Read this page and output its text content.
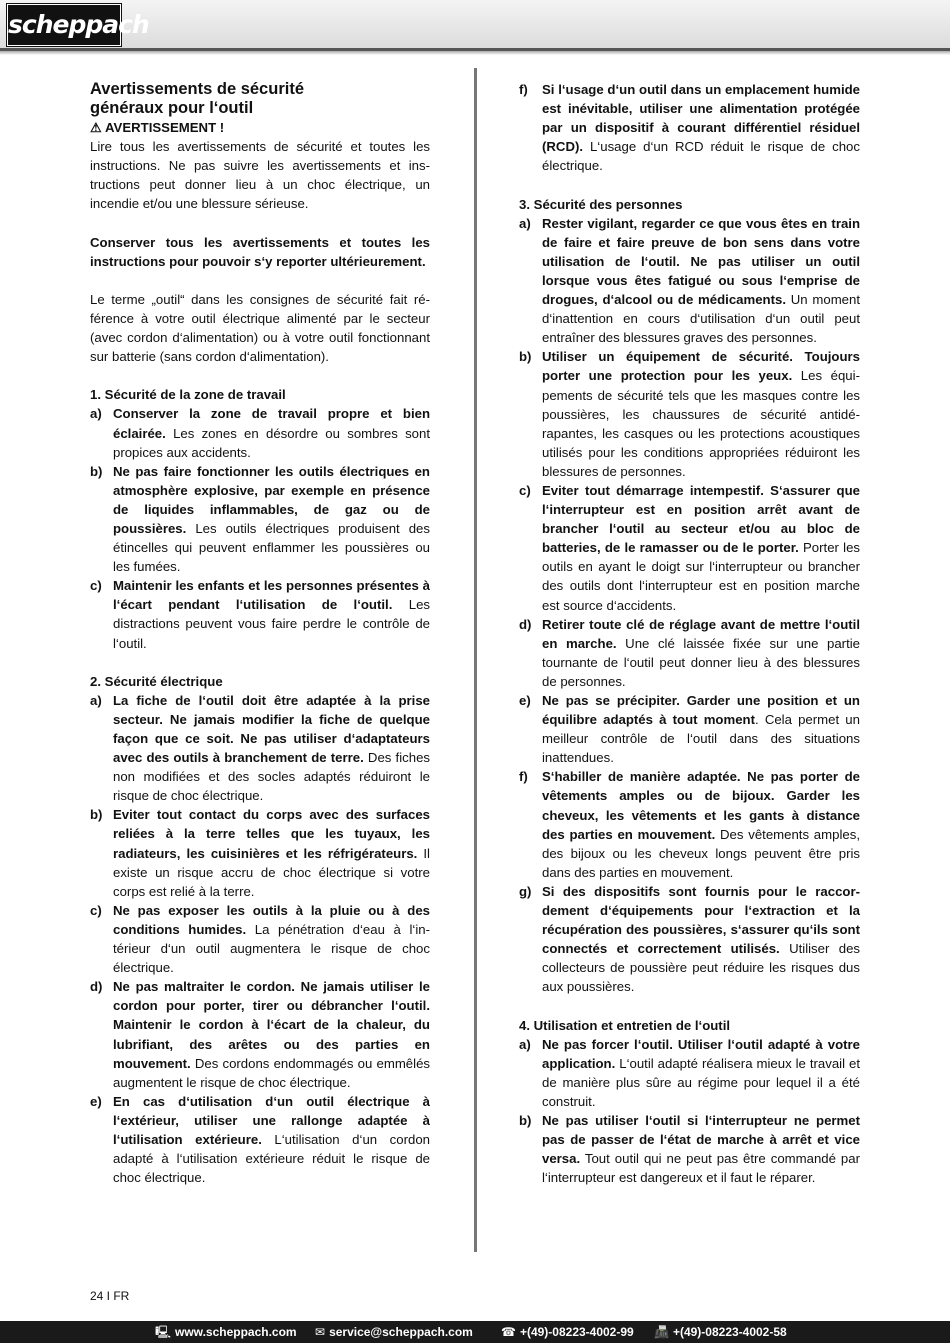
scheppach
Avertissements de sécurité
généraux pour l‘outil
⚠ AVERTISSEMENT !

Lire tous les avertissements de sécurité et toutes les instructions. Ne pas suivre les avertissements et instructions peut donner lieu à un choc électrique, un incendie et/ou une blessure sérieuse.

Conserver tous les avertissements et toutes les instructions pour pouvoir s‘y reporter ultérieurement.

Le terme „outil“ dans les consignes de sécurité fait référence à votre outil électrique alimenté par le secteur (avec cordon d‘alimentation) ou à votre outil fonctionnant sur batterie (sans cordon d‘alimentation).

1. Sécurité de la zone de travail
a) Conserver la zone de travail propre et bien éclairée. Les zones en désordre ou sombres sont propices aux accidents.
b) Ne pas faire fonctionner les outils électriques en atmosphère explosive, par exemple en présence de liquides inflammables, de gaz ou de poussières. Les outils électriques produisent des étincelles qui peuvent enflammer les poussières ou les fumées.
c) Maintenir les enfants et les personnes présentes à l‘écart pendant l‘utilisation de l‘outil. Les distractions peuvent vous faire perdre le contrôle de l‘outil.
2. Sécurité électrique
a) La fiche de l‘outil doit être adaptée à la prise secteur. Ne jamais modifier la fiche de quelque façon que ce soit. Ne pas utiliser d‘adaptateurs avec des outils à branchement de terre. Des fiches non modifiées et des socles adaptés réduiront le risque de choc électrique.
b) Eviter tout contact du corps avec des surfaces reliées à la terre telles que les tuyaux, les radiateurs, les cuisinières et les réfrigérateurs. Il existe un risque accru de choc électrique si votre corps est relié à la terre.
c) Ne pas exposer les outils à la pluie ou à des conditions humides. La pénétration d‘eau à l‘intérieur d‘un outil augmentera le risque de choc électrique.
d) Ne pas maltraiter le cordon. Ne jamais utiliser le cordon pour porter, tirer ou débrancher l‘outil. Maintenir le cordon à l‘écart de la chaleur, du lubrifiant, des arêtes ou des parties en mouvement. Des cordons endommagés ou emmêlés augmentent le risque de choc électrique.
e) En cas d‘utilisation d‘un outil électrique à l‘extérieur, utiliser une rallonge adaptée à l‘utilisation extérieure. L‘utilisation d‘un cordon adapté à l‘utilisation extérieure réduit le risque de choc électrique.
f) Si l‘usage d‘un outil dans un emplacement humide est inévitable, utiliser une alimentation protégée par un dispositif à courant différentiel résiduel (RCD). L‘usage d‘un RCD réduit le risque de choc électrique.
3. Sécurité des personnes
a) Rester vigilant, regarder ce que vous êtes en train de faire et faire preuve de bon sens dans votre utilisation de l‘outil. Ne pas utiliser un outil lorsque vous êtes fatigué ou sous l‘emprise de drogues, d‘alcool ou de médicaments. Un moment d‘inattention en cours d‘utilisation d‘un outil peut entraîner des blessures graves des personnes.
b) Utiliser un équipement de sécurité. Toujours porter une protection pour les yeux. Les équipements de sécurité tels que les masques contre les poussières, les chaussures de sécurité antidérapantes, les casques ou les protections acoustiques utilisés pour les conditions appropriées réduiront les blessures de personnes.
c) Eviter tout démarrage intempestif. S‘assurer que l‘interrupteur est en position arrêt avant de brancher l‘outil au secteur et/ou au bloc de batteries, de le ramasser ou de le porter. Porter les outils en ayant le doigt sur l‘interrupteur ou brancher des outils dont l‘interrupteur est en position marche est source d‘accidents.
d) Retirer toute clé de réglage avant de mettre l‘outil en marche. Une clé laissée fixée sur une partie tournante de l‘outil peut donner lieu à des blessures de personnes.
e) Ne pas se précipiter. Garder une position et un équilibre adaptés à tout moment. Cela permet un meilleur contrôle de l‘outil dans des situations inattendues.
f) S‘habiller de manière adaptée. Ne pas porter de vêtements amples ou de bijoux. Garder les cheveux, les vêtements et les gants à distance des parties en mouvement. Des vêtements amples, des bijoux ou les cheveux longs peuvent être pris dans des parties en mouvement.
g) Si des dispositifs sont fournis pour le raccordement d‘équipements pour l‘extraction et la récupération des poussières, s‘assurer qu‘ils sont connectés et correctement utilisés. Utiliser des collecteurs de poussière peut réduire les risques dus aux poussières.
4. Utilisation et entretien de l‘outil
a) Ne pas forcer l‘outil. Utiliser l‘outil adapté à votre application. L‘outil adapté réalisera mieux le travail et de manière plus sûre au régime pour lequel il a été construit.
b) Ne pas utiliser l‘outil si l‘interrupteur ne permet pas de passer de l‘état de marche à arrêt et vice versa. Tout outil qui ne peut pas être commandé par l‘interrupteur est dangereux et il faut le réparer.
24 I FR
🖳 www.scheppach.com ✉ service@scheppach.com ☎ +(49)-08223-4002-99 📠 +(49)-08223-4002-58
